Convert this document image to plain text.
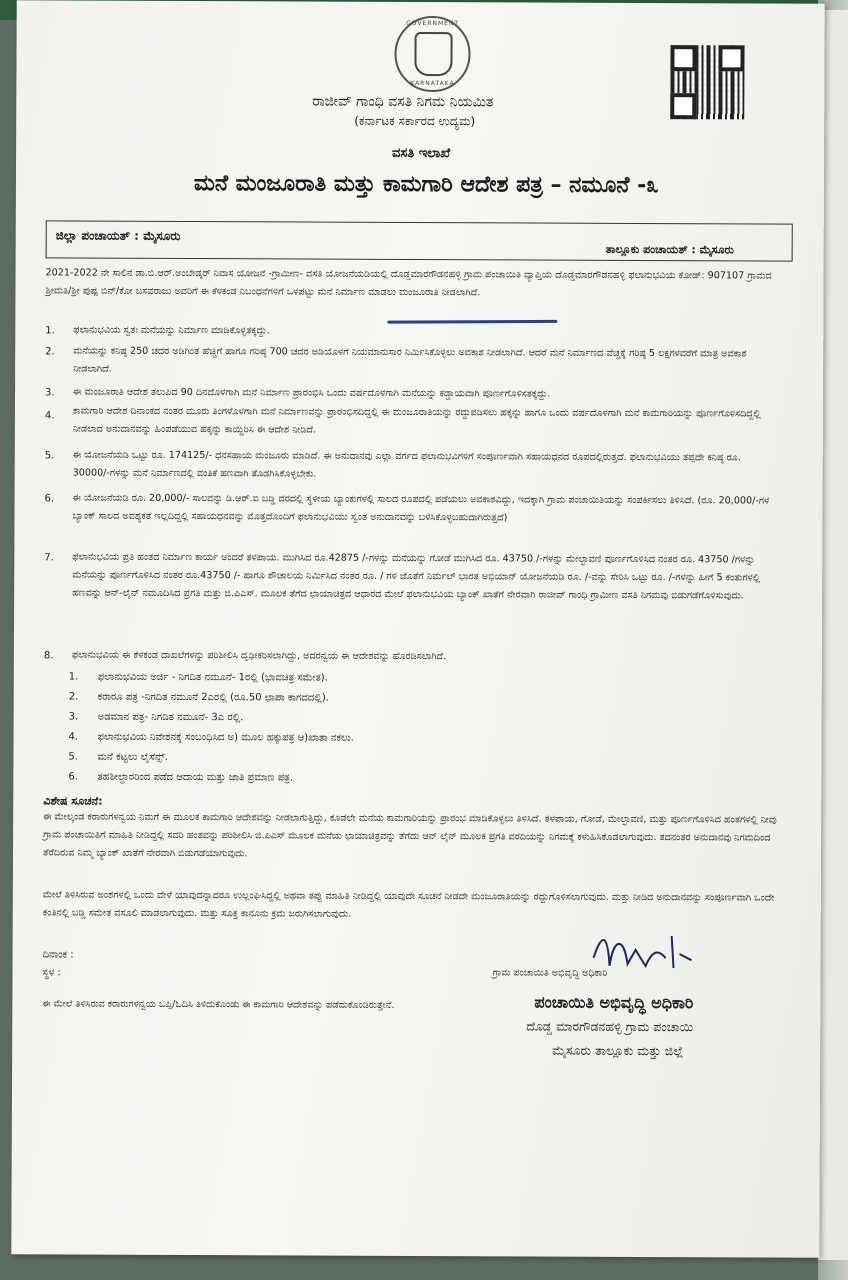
GOVERNMENT
KARNATAKA
ರಾಜೀವ್ ಗಾಂಧಿ ವಸತಿ ನಿಗಮ ನಿಯಮಿತ
(ಕರ್ನಾಟಕ ಸರ್ಕಾರದ ಉದ್ಯಮ)
ವಸತಿ ಇಲಾಖೆ
ಮನೆ ಮಂಜೂರಾತಿ ಮತ್ತು ಕಾಮಗಾರಿ ಆದೇಶ ಪತ್ರ – ನಮೂನೆ -೩
ಜಿಲ್ಲಾ ಪಂಚಾಯತ್ : ಮೈಸೂರು
ತಾಲ್ಲೂಕು ಪಂಚಾಯತ್ : ಮೈಸೂರು
2021-2022 ನೇ ಸಾಲಿನ ಡಾ.ಬಿ.ಆರ್.ಅಂಬೇಡ್ಕರ್ ನಿವಾಸ ಯೋಜನೆ -ಗ್ರಾಮೀಣ- ವಸತಿ ಯೋಜನೆಯಡಿಯಲ್ಲಿ ದೊಡ್ಡಮಾರಗೌಡನಹಳ್ಳಿ ಗ್ರಾಮ ಪಂಚಾಯಿತಿ ವ್ಯಾಪ್ತಿಯ ದೊಡ್ಡಮಾರಗೌಡನಹಳ್ಳಿ ಫಲಾನುಭವಿಯ ಕೋಡ್: 907107 ಗ್ರಾಮದ ಶ್ರೀಮತಿ/ಶ್ರೀ ಪುಷ್ಪ ಬಿನ್/ಕೋ ಬಸವರಾಜು ಅವರಿಗೆ ಈ ಕೆಳಕಂಡ ನಿಬಂಧನೆಗಳಿಗೆ ಒಳಪಟ್ಟು ಮನೆ ನಿರ್ಮಾಣ ಮಾಡಲು ಮಂಜೂರಾತಿ ನೀಡಲಾಗಿದೆ.
1. ಫಲಾನುಭವಿಯ ಸ್ವತಃ ಮನೆಯನ್ನು ನಿರ್ಮಾಣ ಮಾಡಿಕೊಳ್ಳತಕ್ಕದ್ದು.
2. ಮನೆಯನ್ನು ಕನಿಷ್ಠ 250 ಚದರ ಅಡಿಗಿಂತ ಹೆಚ್ಚಿಗೆ ಹಾಗೂ ಗರಿಷ್ಠ 700 ಚದರ ಅಡಿಯೊಳಗೆ ನಿಯಮಾನುಸಾರ ನಿರ್ಮಿಸಿಕೊಳ್ಳಲು ಅವಕಾಶ ನೀಡಲಾಗಿದೆ. ಆದರೆ ಮನೆ ನಿರ್ಮಾಣದ ವೆಚ್ಚಕ್ಕೆ ಗರಿಷ್ಠ 5 ಲಕ್ಷಗಳವರೆಗೆ ಮಾತ್ರ ಅವಕಾಶ ನೀಡಲಾಗಿದೆ.
3. ಈ ಮಂಜೂರಾತಿ ಆದೇಶ ತಲುಪಿದ 90 ದಿನದೊಳಗಾಗಿ ಮನೆ ನಿರ್ಮಾಣ ಪ್ರಾರಂಭಿಸಿ ಒಂದು ವರ್ಷದೊಳಗಾಗಿ ಮನೆಯನ್ನು ಕಡ್ಡಾಯವಾಗಿ ಪೂರ್ಣಗೊಳಿಸತಕ್ಕದ್ದು.
4. ಕಾಮಗಾರಿ ಆದೇಶ ದಿನಾಂಕದ ನಂತರ ಮೂರು ತಿಂಗಳೊಳಗಾಗಿ ಮನೆ ನಿರ್ಮಾಣವನ್ನು ಪ್ರಾರಂಭಿಸದಿದ್ದಲ್ಲಿ ಈ ಮಂಜೂರಾತಿಯನ್ನು ರದ್ದುಪಡಿಸಲು ಹಕ್ಕನ್ನು ಹಾಗೂ ಒಂದು ವರ್ಷದೊಳಗಾಗಿ ಮನೆ ಕಾಮಗಾರಿಯನ್ನು ಪೂರ್ಣಗೊಳಿಸದಿದ್ದಲ್ಲಿ ನೀಡಲಾದ ಅನುದಾನವನ್ನು ಹಿಂಪಡೆಯುವ ಹಕ್ಕನ್ನು ಕಾಯ್ದಿರಿಸಿ ಈ ಆದೇಶ ನೀಡಿದೆ.
5. ಈ ಯೋಜನೆಯಡಿ ಒಟ್ಟು ರೂ. 174125/- ಧನಸಹಾಯ ಮಂಜೂರು ಮಾಡಿದೆ. ಈ ಅನುದಾನವು ಎಲ್ಲಾ ವರ್ಗದ ಫಲಾನುಭವಿಗಳಿಗೆ ಸಂಪೂರ್ಣವಾಗಿ ಸಹಾಯಧನದ ರೂಪದಲ್ಲಿರುತ್ತದೆ. ಫಲಾನುಭವಿಯು ತಪ್ಪದೇ ಕನಿಷ್ಠ ರೂ. 30000/-ಗಳನ್ನು ಮನೆ ನಿರ್ಮಾಣದಲ್ಲಿ ವಂತಿಕೆ ಹಣವಾಗಿ ತೊಡಗಿಸಿಕೊಳ್ಳಬೇಕು.
6. ಈ ಯೋಜನೆಯಡಿ ರೂ. 20,000/- ಸಾಲವನ್ನು ಡಿ.ಆರ್.ಐ ಬಡ್ಡಿ ದರದಲ್ಲಿ ಸ್ಥಳೀಯ ಬ್ಯಾಂಕುಗಳಲ್ಲಿ ಸಾಲದ ರೂಪದಲ್ಲಿ ಪಡೆಯಲು ಅವಕಾಶವಿದ್ದು, ಇದಕ್ಕಾಗಿ ಗ್ರಾಮ ಪಂಚಾಯಿತಿಯನ್ನು ಸಂಪರ್ಕಿಸಲು ತಿಳಿಸಿದೆ. (ರೂ. 20,000/-ಗಳ ಬ್ಯಾಂಕ್ ಸಾಲದ ಅವಶ್ಯಕತೆ ಇಲ್ಲದಿದ್ದಲ್ಲಿ ಸಹಾಯಧನವನ್ನು ಮೊತ್ತದೊಂದಿಗೆ ಫಲಾನುಭವಿಯು ಸ್ವಂತ ಅನುದಾನವನ್ನು ಬಳಸಿಕೊಳ್ಳಬಹುದಾಗಿರುತ್ತದೆ)
7. ಫಲಾನುಭವಿಯ ಪ್ರತಿ ಹಂತದ ನಿರ್ಮಾಣ ಕಾರ್ಯ ಅಂದರೆ ತಳಪಾಯ. ಮುಗಿಸಿದ ರೂ.42875 /-ಗಳನ್ನು ಮನೆಯನ್ನು ಗೋಡೆ ಮುಗಿಸಿದ ರೂ. 43750 /-ಗಳನ್ನು ಮೇಲ್ಛಾವಣಿ ಪೂರ್ಣಗೊಳಿಸಿದ ನಂತರ ರೂ. 43750 /ಗಳನ್ನು ಮನೆಯನ್ನು ಪೂರ್ಣಗೊಳಿಸಿದ ನಂತರ ರೂ.43750 /- ಹಾಗೂ ಶೌಚಾಲಯ ನಿರ್ಮಿಸಿದ ನಂತರ ರೂ. / ಗಳ ಜೊತೆಗೆ ನಿರ್ಮಲ್ ಭಾರತ ಅಭಿಯಾನ್ ಯೋಜನೆಯಡಿ ರೂ. /-ವನ್ನು ಸೇರಿಸಿ ಒಟ್ಟು ರೂ. /-ಗಳನ್ನು ಹೀಗೆ 5 ಕಂತುಗಳಲ್ಲಿ ಹಣವನ್ನು ಆನ್-ಲೈನ್ ನಮೂದಿಸಿದ ಪ್ರಗತಿ ಮತ್ತು ಜಿ.ಪಿಎಸ್. ಮೂಲಕ ತೆಗೆದ ಛಾಯಾಚಿತ್ರದ ಆಧಾರದ ಮೇಲೆ ಫಲಾನುಭವಿಯ ಬ್ಯಾಂಕ್ ಖಾತೆಗೆ ನೇರವಾಗಿ ರಾಜೀವ್ ಗಾಂಧಿ ಗ್ರಾಮೀಣ ವಸತಿ ನಿಗಮವು ಬಿಡುಗಡೆಗೊಳಿಸುವುದು.
8. ಫಲಾನುಭವಿಯ ಈ ಕೆಳಕಂಡ ದಾಖಲೆಗಳನ್ನು ಪರಿಶೀಲಿಸಿ ದೃಢೀಕರಿಸಲಾಗಿದ್ದು, ಅದರನ್ವಯ ಈ ಆದೇಶವನ್ನು ಹೊರಡಿಸಲಾಗಿದೆ.
1. ಫಲಾನುಭವಿಯ ಅರ್ಜಿ - ನಿಗದಿತ ನಮೂನೆ- 1ರಲ್ಲಿ (ಭಾವಚಿತ್ರ ಸಮೇತ).
2. ಕರಾರೂ ಪತ್ರ -ನಿಗದಿತ ನಮೂನೆ 2ಎರಲ್ಲಿ (ರೂ.50 ಛಾಪಾ ಕಾಗದದಲ್ಲಿ).
3. ಅಡಮಾನ ಪತ್ರ- ನಿಗದಿತ ನಮೂನೆ- 3ಎ ರಲ್ಲಿ.
4. ಫಲಾನುಭವಿಯ ನಿವೇಶನಕ್ಕೆ ಸಂಬಂಧಿಸಿದ ಅ) ಮೂಲ ಹಕ್ಕುಪತ್ರ ಆ)ಖಾತಾ ನಕಲು.
5. ಮನೆ ಕಟ್ಟಲು ಲೈಸೆನ್ಸ್.
6. ತಹಶೀಲ್ದಾರರಿಂದ ಪಡೆದ ಆದಾಯ ಮತ್ತು ಜಾತಿ ಪ್ರಮಾಣ ಪತ್ರ.
ವಿಶೇಷ ಸೂಚನೆ:
ಈ ಮೇಲ್ಕಂಡ ಕರಾರುಗಳನ್ವಯ ನಿಮಗೆ ಈ ಮೂಲಕ ಕಾಮಗಾರಿ ಆದೇಶವನ್ನು ನೀಡಲಾಗುತ್ತಿದ್ದು, ಕೂಡಲೇ ಮನೆಯ ಕಾಮಗಾರಿಯನ್ನು ಪ್ರಾರಂಭ ಮಾಡಿಕೊಳ್ಳಲು ತಿಳಿಸಿದೆ. ತಳಪಾಯ, ಗೋಡೆ, ಮೇಲ್ಛಾವಣಿ, ಮತ್ತು ಪೂರ್ಣಗೊಳಿಸಿದ ಹಂತಗಳಲ್ಲಿ ನೀವು ಗ್ರಾಮ ಪಂಚಾಯಿತಿಗೆ ಮಾಹಿತಿ ನೀಡಿದ್ದಲ್ಲಿ ಸದರಿ ಹಂತವನ್ನು ಪರಿಶೀಲಿಸಿ ಜಿ.ಪಿಎಸ್ ಮೂಲಕ ಮನೆಯ ಛಾಯಾಚಿತ್ರವನ್ನು ತೆಗೆದು ಆನ್ ಲೈನ್ ಮೂಲಕ ಪ್ರಗತಿ ವರದಿಯನ್ನು ನಿಗಮಕ್ಕೆ ಕಳುಹಿಸಿಕೊಡಲಾಗುವುದು. ತದನಂತರ ಅನುದಾನವು ನಿಗಮದಿಂದ ತೆರೆದಿರುವ ನಿಮ್ಮ ಬ್ಯಾಂಕ್ ಖಾತೆಗೆ ನೇರವಾಗಿ ಬಿಡುಗಡೆಯಾಗುವುದು.
ಮೇಲೆ ತಿಳಿಸಿರುವ ಅಂಶಗಳಲ್ಲಿ ಒಂದು ವೇಳೆ ಯಾವುದನ್ನಾದರೂ ಉಲ್ಲಂಘಿಸಿದ್ದಲ್ಲಿ ಅಥವಾ ತಪ್ಪು ಮಾಹಿತಿ ನೀಡಿದ್ದಲ್ಲಿ ಯಾವುದೇ ಸೂಚನೆ ನೀಡದೇ ಮಂಜೂರಾತಿಯನ್ನು ರದ್ದುಗೊಳಿಸಲಾಗುವುದು. ಮತ್ತು ನೀಡಿದ ಅನುದಾನವನ್ನು ಸಂಪೂರ್ಣವಾಗಿ ಒಂದೇ ಕಂತಿನಲ್ಲಿ ಬಡ್ಡಿ ಸಮೇತ ವಸೂಲಿ ಮಾಡಲಾಗುವುದು. ಮತ್ತು ಸೂಕ್ತ ಕಾನೂನು ಕ್ರಮ ಜರುಗಿಸಲಾಗುವುದು.
ದಿನಾಂಕ :
ಸ್ಥಳ :	ಗ್ರಾಮ ಪಂಚಾಯಿತಿ ಅಭಿವೃದ್ಧಿ ಅಧಿಕಾರಿ
ಈ ಮೇಲೆ ತಿಳಿಸಿರುವ ಕರಾರುಗಳನ್ವಯ ಒಪ್ಪಿ/ಓದಿಸಿ ತಿಳಿದುಕೊಂಡು ಈ ಕಾಮಗಾರಿ ಆದೇಶವನ್ನು ಪಡೆದುಕೊಂಡಿರುತ್ತೇನೆ.	ಪಂಚಾಯಿತಿ ಅಭಿವೃದ್ಧಿ ಅಧಿಕಾರಿ
ದೊಡ್ಡ ಮಾರಗೌಡನಹಳ್ಳಿ ಗ್ರಾಮ ಪಂಚಾಯಿ
ಮೈಸೂರು ತಾಲ್ಲೂಕು ಮತ್ತು ಜಿಲ್ಲೆ
